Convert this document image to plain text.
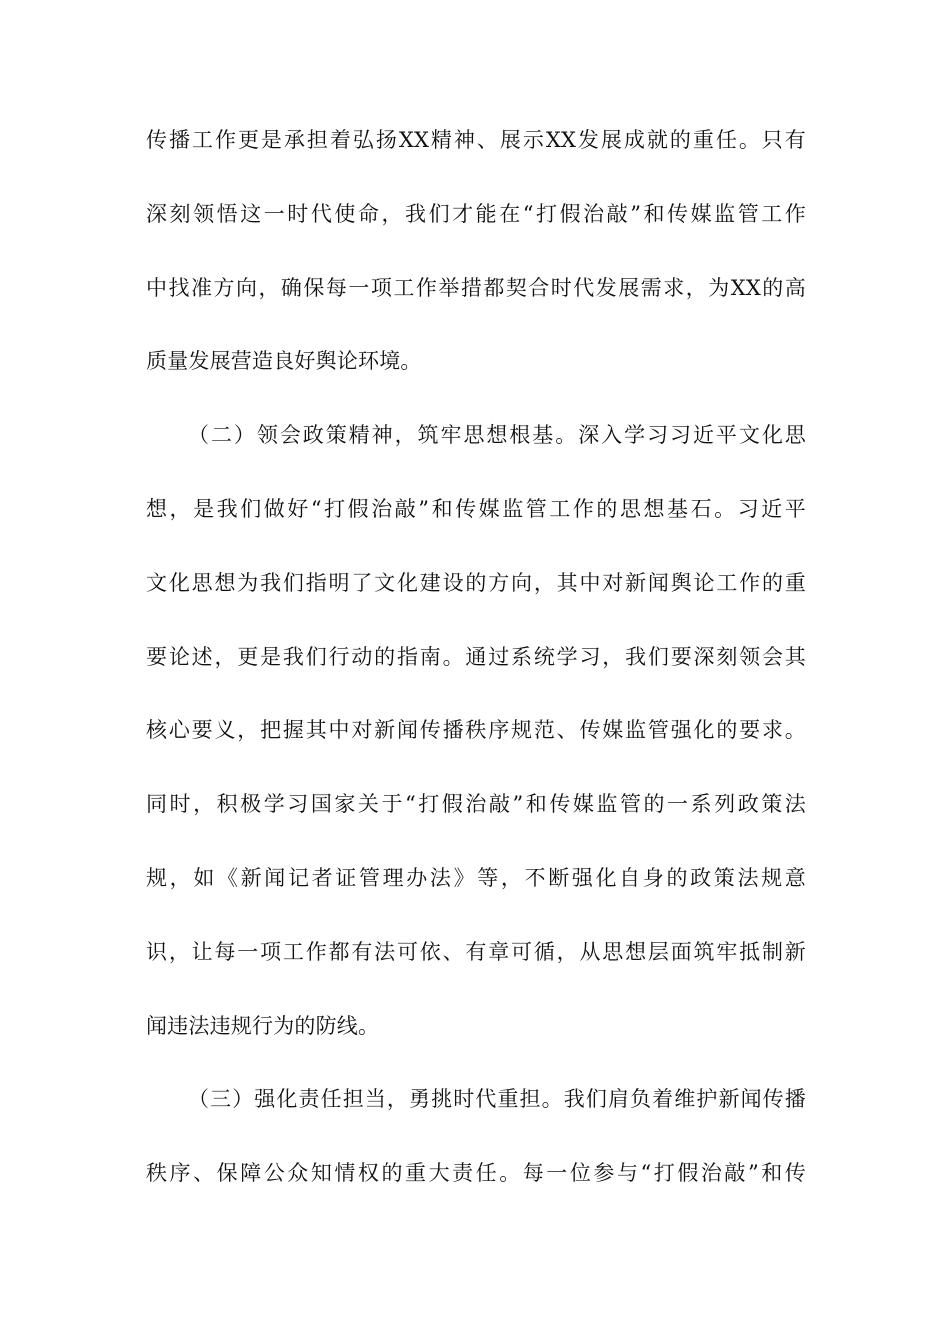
传播工作更是承担着弘扬XX精神、展示XX发展成就的重任。只有
深刻领悟这一时代使命，我们才能在“打假治敲”和传媒监管工作
中找准方向，确保每一项工作举措都契合时代发展需求，为XX的高
质量发展营造良好舆论环境。
（二）领会政策精神，筑牢思想根基。深入学习习近平文化思
想，是我们做好“打假治敲”和传媒监管工作的思想基石。习近平
文化思想为我们指明了文化建设的方向，其中对新闻舆论工作的重
要论述，更是我们行动的指南。通过系统学习，我们要深刻领会其
核心要义，把握其中对新闻传播秩序规范、传媒监管强化的要求。
同时，积极学习国家关于“打假治敲”和传媒监管的一系列政策法
规，如《新闻记者证管理办法》等，不断强化自身的政策法规意
识，让每一项工作都有法可依、有章可循，从思想层面筑牢抵制新
闻违法违规行为的防线。
（三）强化责任担当，勇挑时代重担。我们肩负着维护新闻传播
秩序、保障公众知情权的重大责任。每一位参与“打假治敲”和传
